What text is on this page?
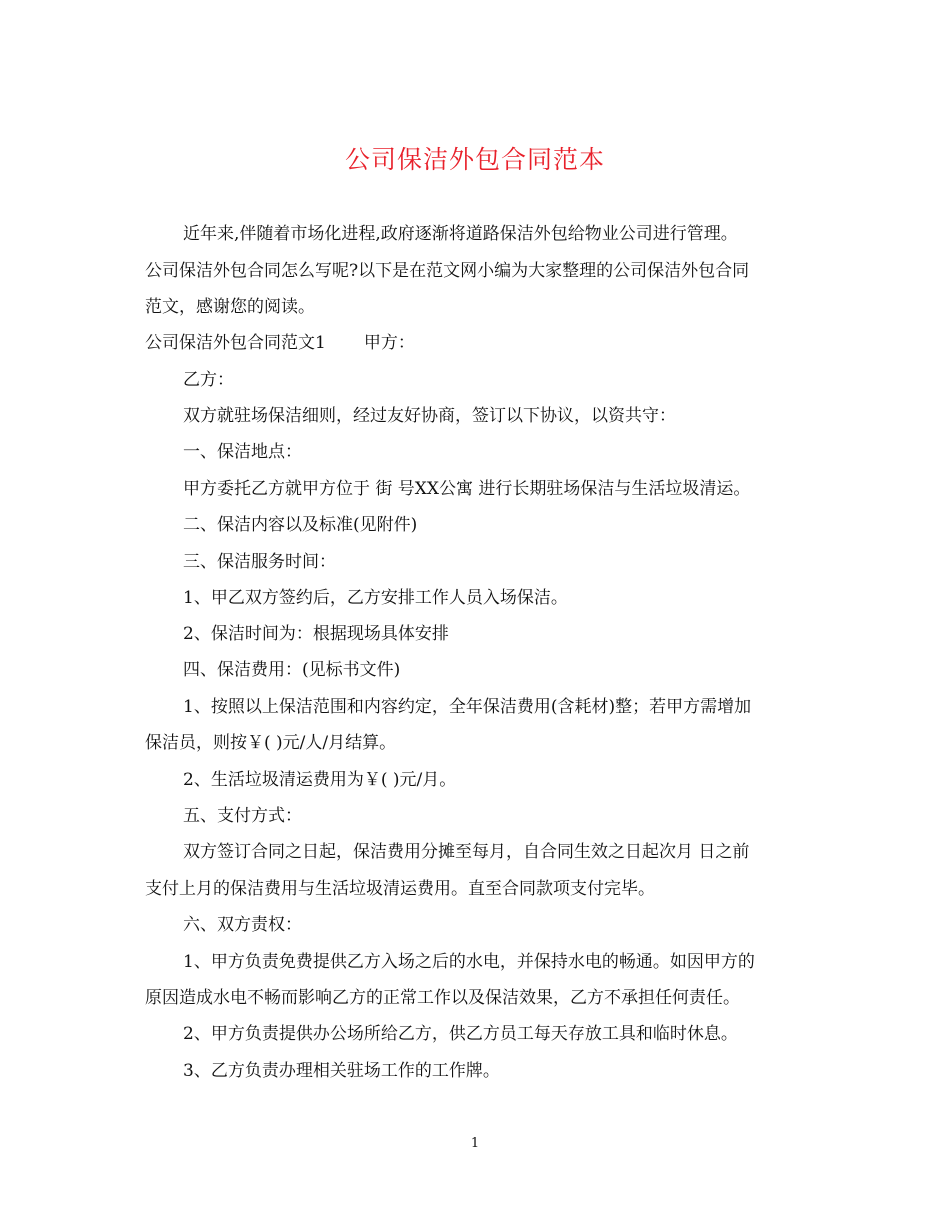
公司保洁外包合同范本
近年来,伴随着市场化进程,政府逐渐将道路保洁外包给物业公司进行管理。
公司保洁外包合同怎么写呢?以下是在范文网小编为大家整理的公司保洁外包合同
范文，感谢您的阅读。
公司保洁外包合同范文1 甲方：
乙方：
双方就驻场保洁细则，经过友好协商，签订以下协议，以资共守：
一、保洁地点：
甲方委托乙方就甲方位于 街 号XX公寓 进行长期驻场保洁与生活垃圾清运。
二、保洁内容以及标准(见附件)
三、保洁服务时间：
1、甲乙双方签约后，乙方安排工作人员入场保洁。
2、保洁时间为：根据现场具体安排
四、保洁费用：(见标书文件)
1、按照以上保洁范围和内容约定，全年保洁费用(含耗材)整；若甲方需增加
保洁员，则按￥( )元/人/月结算。
2、生活垃圾清运费用为￥( )元/月。
五、支付方式：
双方签订合同之日起，保洁费用分摊至每月，自合同生效之日起次月 日之前
支付上月的保洁费用与生活垃圾清运费用。直至合同款项支付完毕。
六、双方责权：
1、甲方负责免费提供乙方入场之后的水电，并保持水电的畅通。如因甲方的
原因造成水电不畅而影响乙方的正常工作以及保洁效果，乙方不承担任何责任。
2、甲方负责提供办公场所给乙方，供乙方员工每天存放工具和临时休息。
3、乙方负责办理相关驻场工作的工作牌。
1
